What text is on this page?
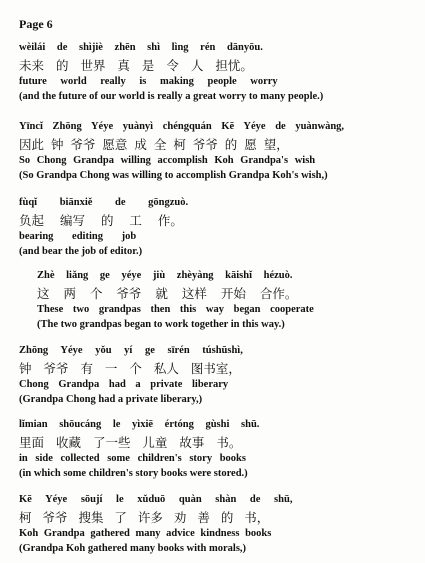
Page 6
wèilái de shìjiè zhēn shì lìng rén dānyōu.
未来 的 世界 真 是 令 人 担忧。
future world really is making people worry
(and the future of our world is really a great worry to many people.)
Yīncǐ Zhōng Yéye yuànyì chéngquán Kē Yéye de yuànwàng,
因此 钟 爷爷 愿意 成 全 柯 爷爷 的 愿 望，
So Chong Grandpa willing accomplish Koh Grandpa's wish
(So Grandpa Chong was willing to accomplish Grandpa Koh's wish,)
fùqǐ biānxiě de gōngzuò.
负起 编写 的 工 作。
bearing editing job
(and bear the job of editor.)
Zhè liǎng ge yéye jiù zhèyàng kāishǐ hézuò.
这 两 个 爷爷 就 这样 开始 合作。
These two grandpas then this way began cooperate
(The two grandpas began to work together in this way.)
Zhōng Yéye yǒu yí ge sīrén túshūshì,
钟 爷爷 有 一 个 私人 图书室，
Chong Grandpa had a private liberary
(Grandpa Chong had a private liberary,)
lǐmian shōucáng le yìxiē értóng gùshi shū.
里面 收藏 了一些 儿童 故事 书。
in side collected some children's story books
(in which some children's story books were stored.)
Kē Yéye sōují le xǔduō quàn shàn de shū,
柯 爷爷 搜集 了 许多 劝 善 的 书，
Koh Grandpa gathered many advice kindness books
(Grandpa Koh gathered many books with morals,)
